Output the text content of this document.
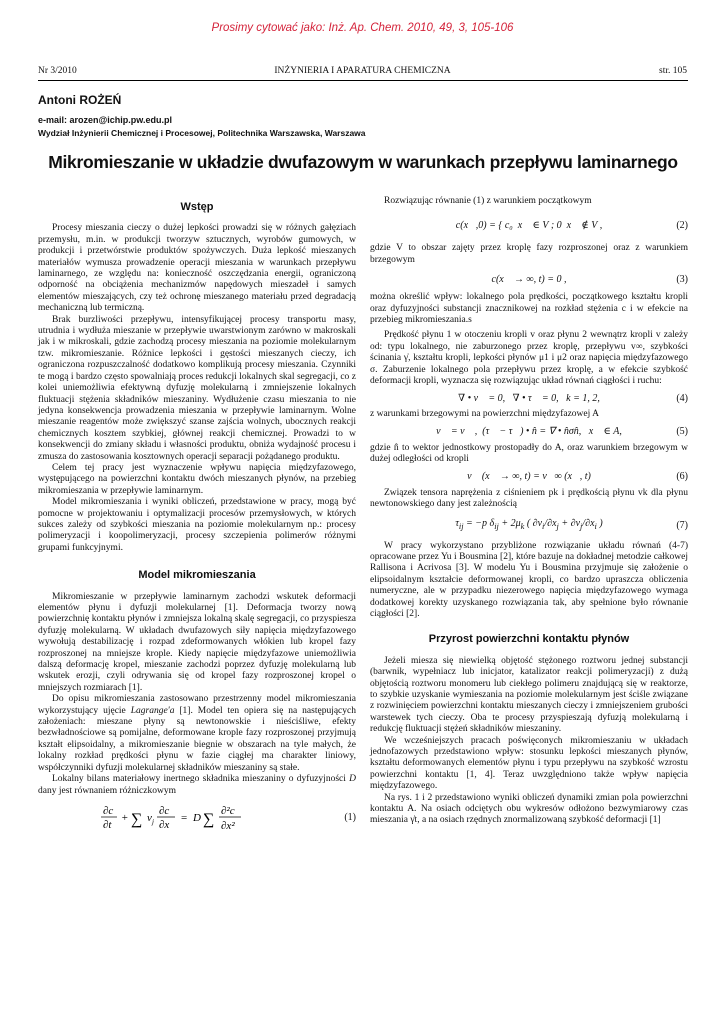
Prosimy cytować jako: Inż. Ap. Chem. 2010, 49, 3, 105-106
Nr 3/2010	INŻYNIERIA I APARATURA CHEMICZNA	str. 105
Antoni ROŻEŃ
e-mail: arozen@ichip.pw.edu.pl
Wydział Inżynierii Chemicznej i Procesowej, Politechnika Warszawska, Warszawa
Mikromieszanie w układzie dwufazowym w warunkach przepływu laminarnego
Wstęp

Procesy mieszania cieczy o dużej lepkości prowadzi się w różnych gałęziach przemysłu, m.in. w produkcji tworzyw sztucznych, wyrobów gumowych, w produkcji i przetwórstwie produktów spożywczych. Duża lepkość mieszanych materiałów wymusza prowadzenie operacji mieszania w warunkach przepływu laminarnego, ze względu na: konieczność oszczędzania energii, ograniczoną odporność na obciążenia mechanizmów napędowych mieszadeł i samych elementów mieszających, czy też ochronę mieszanego materiału przed degradacją mechaniczną lub termiczną.

Brak burzliwości przepływu, intensyfikującej procesy transportu masy, utrudnia i wydłuża mieszanie w przepływie uwarstwionym zarówno w makroskali jak i w mikroskali, gdzie zachodzą procesy mieszania na poziomie molekularnym tzw. mikromieszanie. Różnice lepkości i gęstości mieszanych cieczy, ich ograniczona rozpuszczalność dodatkowo komplikują procesy mieszania. Czynniki te mogą i bardzo często spowalniają proces redukcji lokalnych skal segregacji, co z kolei uniemożliwia efektywną dyfuzję molekularną i zmniejszenie lokalnych fluktuacji stężenia składników mieszaniny. Wydłużenie czasu mieszania to nie jedyna konsekwencja prowadzenia mieszania w przepływie laminarnym. Wolne mieszanie reagentów może zwiększyć szanse zajścia wolnych, ubocznych reakcji chemicznych kosztem szybkiej, głównej reakcji chemicznej. Prowadzi to w konsekwencji do zmiany składu i własności produktu, obniża wydajność procesu i zmusza do zastosowania kosztownych operacji separacji pożądanego produktu.

Celem tej pracy jest wyznaczenie wpływu napięcia międzyfazowego, występującego na powierzchni kontaktu dwóch mieszanych płynów, na przebieg mikromieszania w przepływie laminarnym.

Model mikromieszania i wyniki obliczeń, przedstawione w pracy, mogą być pomocne w projektowaniu i optymalizacji procesów przemysłowych, w których sukces zależy od szybkości mieszania na poziomie molekularnym np.: procesy polimeryzacji i koopolimeryzacji, procesy szczepienia polimerów różnymi grupami funkcyjnymi.

Model mikromieszania

Mikromieszanie w przepływie laminarnym zachodzi wskutek deformacji elementów płynu i dyfuzji molekularnej [1]. Deformacja tworzy nową powierzchnię kontaktu płynów i zmniejsza lokalną skalę segregacji, co przyspiesza dyfuzję molekularną. W układach dwufazowych siły napięcia międzyfazowego wywołują destabilizację i rozpad zdeformowanych włókien lub kropel fazy rozproszonej na mniejsze krople. Kiedy napięcie międzyfazowe uniemożliwia dalszą deformację kropel, mieszanie zachodzi poprzez dyfuzję molekularną lub wskutek erozji, czyli odrywania się od kropel fazy rozproszonej kropel o mniejszych rozmiarach [1].

Do opisu mikromieszania zastosowano przestrzenny model mikromieszania wykorzystujący ujęcie Lagrange'a [1]. Model ten opiera się na następujących założeniach: mieszane płyny są newtonowskie i nieściśliwe, efekty bezwładnościowe są pomijalne, deformowane krople fazy rozproszonej przyjmują kształt elipsoidalny, a mikromieszanie biegnie w obszarach na tyle małych, że lokalny rozkład prędkości płynu w fazie ciągłej ma charakter liniowy, współczynniki dyfuzji molekularnej składników mieszaniny są stałe.

Lokalny bilans materiałowy inertnego składnika mieszaniny o dyfuzyjności D dany jest równaniem różniczkowym

∂c
∂t
+ ∑ v j
∂c
∂x
= D ∑ ∂²c
∂x²
(1)

Rozwiązując równanie (1) z warunkiem początkowym

c(x⃗,0) = { c₀  x⃗ ∈ V ; 0  x⃗ ∉ V ,	(2)

gdzie V to obszar zajęty przez kroplę fazy rozproszonej oraz z warunkiem brzegowym

c(x⃗ → ∞, t) = 0 ,	(3)

można określić wpływ: lokalnego pola prędkości, początkowego kształtu kropli oraz dyfuzyjności substancji znacznikowej na rozkład stężenia c i w efekcie na przebieg mikromieszania.s

Prędkość płynu 1 w otoczeniu kropli v oraz płynu 2 wewnątrz kropli v zależy od: typu lokalnego, nie zaburzonego przez kroplę, przepływu v∞, szybkości ścinania γ̇, kształtu kropli, lepkości płynów μ1 i μ2 oraz napięcia międzyfazowego σ. Zaburzenie lokalnego pola przepływu przez kroplę, a w efekcie szybkość deformacji kropli, wyznacza się rozwiązując układ równań ciągłości i ruchu:

∇ • v⃗ = 0,   ∇ • τ⃗ = 0,   k = 1, 2,	(4)

z warunkami brzegowymi na powierzchni międzyfazowej A

v⃗ = v⃗ ,  (τ⃗ − τ⃗) • n̂ = ∇ • n̂σn̂,   x⃗ ∈ A,	(5)

gdzie n̂ to wektor jednostkowy prostopadły do A, oraz warunkiem brzegowym w dużej odległości od kropli

v⃗ (x⃗ → ∞, t) = v⃗∞ (x⃗, t)	(6)

Związek tensora naprężenia z ciśnieniem pk i prędkością płynu vk dla płynu newtonowskiego dany jest zależnością

$\tau_{ij} = -p$ $\delta_{ij} + 2\mu_k$ ( $\partial v_i/\partial x_j + \partial v_j/\partial x_i$ )	(7)

W pracy wykorzystano przybliżone rozwiązanie układu równań (4-7) opracowane przez Yu i Bousmina [2], które bazuje na dokładnej metodzie całkowej Rallisona i Acrivosa [3]. W modelu Yu i Bousmina przyjmuje się założenie o elipsoidalnym kształcie deformowanej kropli, co bardzo upraszcza obliczenia numeryczne, ale w przypadku niezerowego napięcia międzyfazowego wymaga dodatkowej korekty uzyskanego rozwiązania tak, aby spełnione było równanie ciągłości [2].

Przyrost powierzchni kontaktu płynów

Jeżeli miesza się niewielką objętość stężonego roztworu jednej substancji (barwnik, wypełniacz lub inicjator, katalizator reakcji polimeryzacji) z dużą objętością roztworu monomeru lub ciekłego polimeru znajdującą się w reaktorze, to szybkie uzyskanie wymieszania na poziomie molekularnym jest ściśle związane z rozwinięciem powierzchni kontaktu mieszanych cieczy i zmniejszeniem grubości warstewek tych cieczy. Oba te procesy przyspieszają dyfuzją molekularną i redukcję fluktuacji stężeń składników mieszaniny.

We wcześniejszych pracach poświęconych mikromieszaniu w układach jednofazowych przedstawiono wpływ: stosunku lepkości mieszanych płynów, kształtu deformowanych elementów płynu i typu przepływu na szybkość wzrostu powierzchni kontaktu [1, 4]. Teraz uwzględniono także wpływ napięcia międzyfazowego.

Na rys. 1 i 2 przedstawiono wyniki obliczeń dynamiki zmian pola powierzchni kontaktu A. Na osiach odciętych obu wykresów odłożono bezwymiarowy czas mieszania γ̇t, a na osiach rzędnych znormalizowaną szybkość deformacji [1]
